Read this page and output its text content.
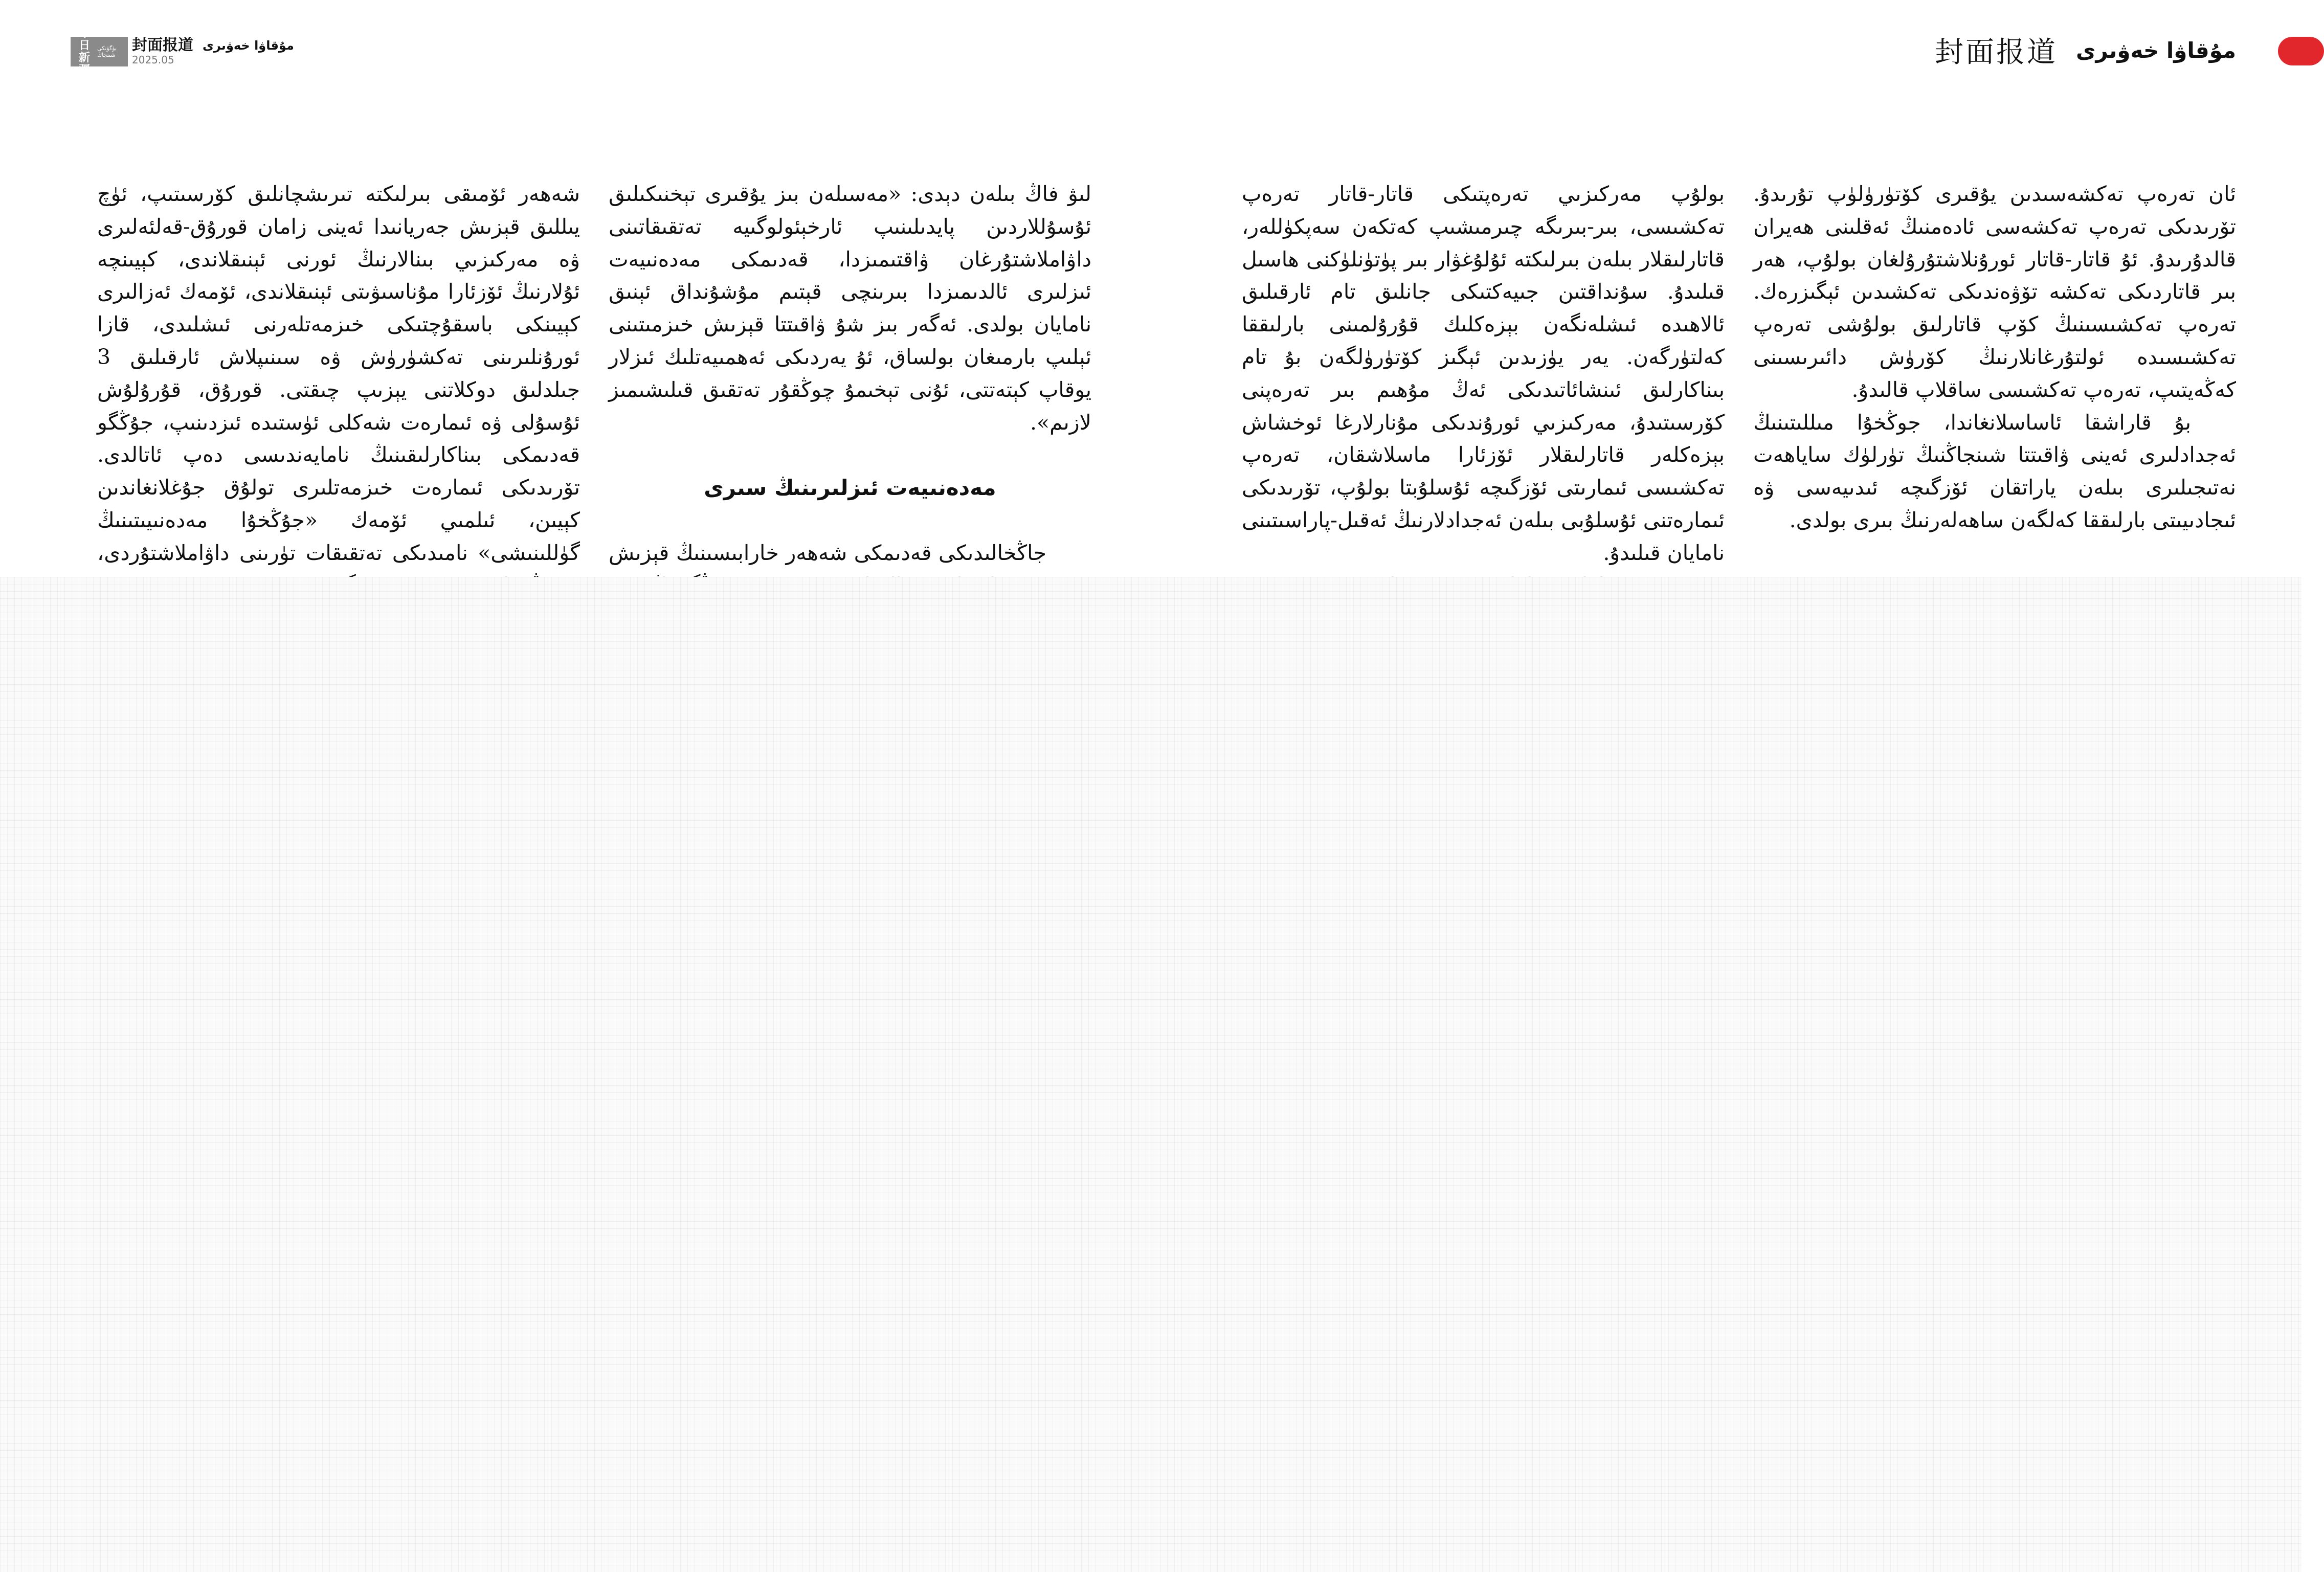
今日新疆
بۈگۈنكى شىنجاڭ
封面报道 مۇقاۋا خەۋىرى
2025.05	封面报道 مۇقاۋا خەۋىرى

ئان تەرەپ تەكشەسىدىن يۇقىرى كۆتۈرۈلۈپ تۇرىدۇ. تۆرىدىكى تەرەپ تەكشەسى ئادەمنىڭ ئەقلىنى ھەيران قالدۇرىدۇ. ئۇ قاتار-قاتار ئورۇنلاشتۇرۇلغان بولۇپ، ھەر بىر قاتاردىكى تەكشە تۆۋەندىكى تەكشىدىن ئېگىزرەك. تەرەپ تەكشىسىنىڭ كۆپ قاتارلىق بولۇشى تەرەپ تەكشىسىدە ئولتۇرغانلارنىڭ كۆرۈش دائىرىسىنى كەڭەيتىپ، تەرەپ تەكشىسى ساقلاپ قالىدۇ.

بۇ قاراشقا ئاساسلانغاندا، جوڭخۇا مىللىتىنىڭ ئەجدادلىرى ئەينى ۋاقىتتا شىنجاڭنىڭ تۈرلۈك ساياھەت نەتىجىلىرى بىلەن ياراتقان ئۆزگىچە ئىدىيەسى ۋە ئىجادىيىتى بارلىققا كەلگەن ساھەلەرنىڭ بىرى بولدى.

بولۇپ مەركىزىي تەرەپتىكى قاتار-قاتار تەرەپ تەكشىسى، بىر-بىرىگە چىرمىشىپ كەتكەن سەپكۈللەر، قاتارلىقلار بىلەن بىرلىكتە ئۇلۇغۋار بىر پۈتۈنلۈكنى ھاسىل قىلىدۇ. سۇنداقتىن جىيەكتىكى جانلىق تام ئارقىلىق ئالاھىدە ئىشلەنگەن بېزەكلىك قۇرۇلمىنى بارلىققا كەلتۈرگەن. يەر يۈزىدىن ئېگىز كۆتۈرۈلگەن بۇ تام بىناكارلىق ئىنشائاتىدىكى ئەڭ مۇھىم بىر تەرەپنى كۆرسىتىدۇ، مەركىزىي ئورۇندىكى مۇنارلارغا ئوخشاش بېزەكلەر قاتارلىقلار ئۆزئارا ماسلاشقان، تەرەپ تەكشىسى ئىمارىتى ئۆزگىچە ئۇسلۇبتا بولۇپ، تۆرىدىكى ئىمارەتنى ئۇسلۇبى بىلەن ئەجدادلارنىڭ ئەقىل-پاراسىتىنى نامايان قىلىدۇ.

لىۋ فاڭ بىلەن دېدى: «مەسىلەن بىز يۇقىرى تېخنىكىلىق ئۇسۇللاردىن پايدىلىنىپ ئارخېئولوگىيە تەتقىقاتىنى داۋاملاشتۇرغان ۋاقتىمىزدا، قەدىمكى مەدەنىيەت ئىزلىرى ئالدىمىزدا بىرىنچى قېتىم مۇشۇنداق ئېنىق نامايان بولدى. ئەگەر بىز شۇ ۋاقىتتا قېزىش خىزمىتىنى ئېلىپ بارمىغان بولساق، ئۇ يەردىكى ئەھمىيەتلىك ئىزلار يوقاپ كېتەتتى، ئۇنى تېخىمۇ چوڭقۇر تەتقىق قىلىشىمىز لازىم».

مەدەنىيەت ئىزلىرىنىڭ سىرى

جاڭخالىدىكى قەدىمكى شەھەر خارابىسىنىڭ قېزىش

شەھەر ئۆمىقى بىرلىكتە تىرىشچانلىق كۆرسىتىپ، ئۈچ يىللىق قېزىش جەريانىدا ئەينى زامان قورۇق-قەلئەلىرى ۋە مەركىزىي بىنالارنىڭ ئورنى ئېنىقلاندى، كېيىنچە ئۇلارنىڭ ئۆزئارا مۇناسىۋىتى ئېنىقلاندى، ئۆمەك ئەزالىرى كېيىنكى باسقۇچتىكى خىزمەتلەرنى ئىشلىدى، قازا ئورۇنلىرىنى تەكشۈرۈش ۋە سىنىپلاش ئارقىلىق 3 جىلدلىق دوكلاتنى يېزىپ چىقتى. قورۇق، قۇرۇلۇش ئۇسۇلى ۋە ئىمارەت شەكلى ئۈستىدە ئىزدىنىپ، جۇڭگو قەدىمكى بىناكارلىقىنىڭ نامايەندىسى دەپ ئاتالدى. تۆرىدىكى ئىمارەت خىزمەتلىرى تولۇق جۇغلانغاندىن كېيىن، ئىلمىي ئۆمەك «جۇڭخۇا مەدەنىيىتىنىڭ گۈللىنىشى» نامىدىكى تەتقىقات تۈرىنى داۋاملاشتۇردى،
